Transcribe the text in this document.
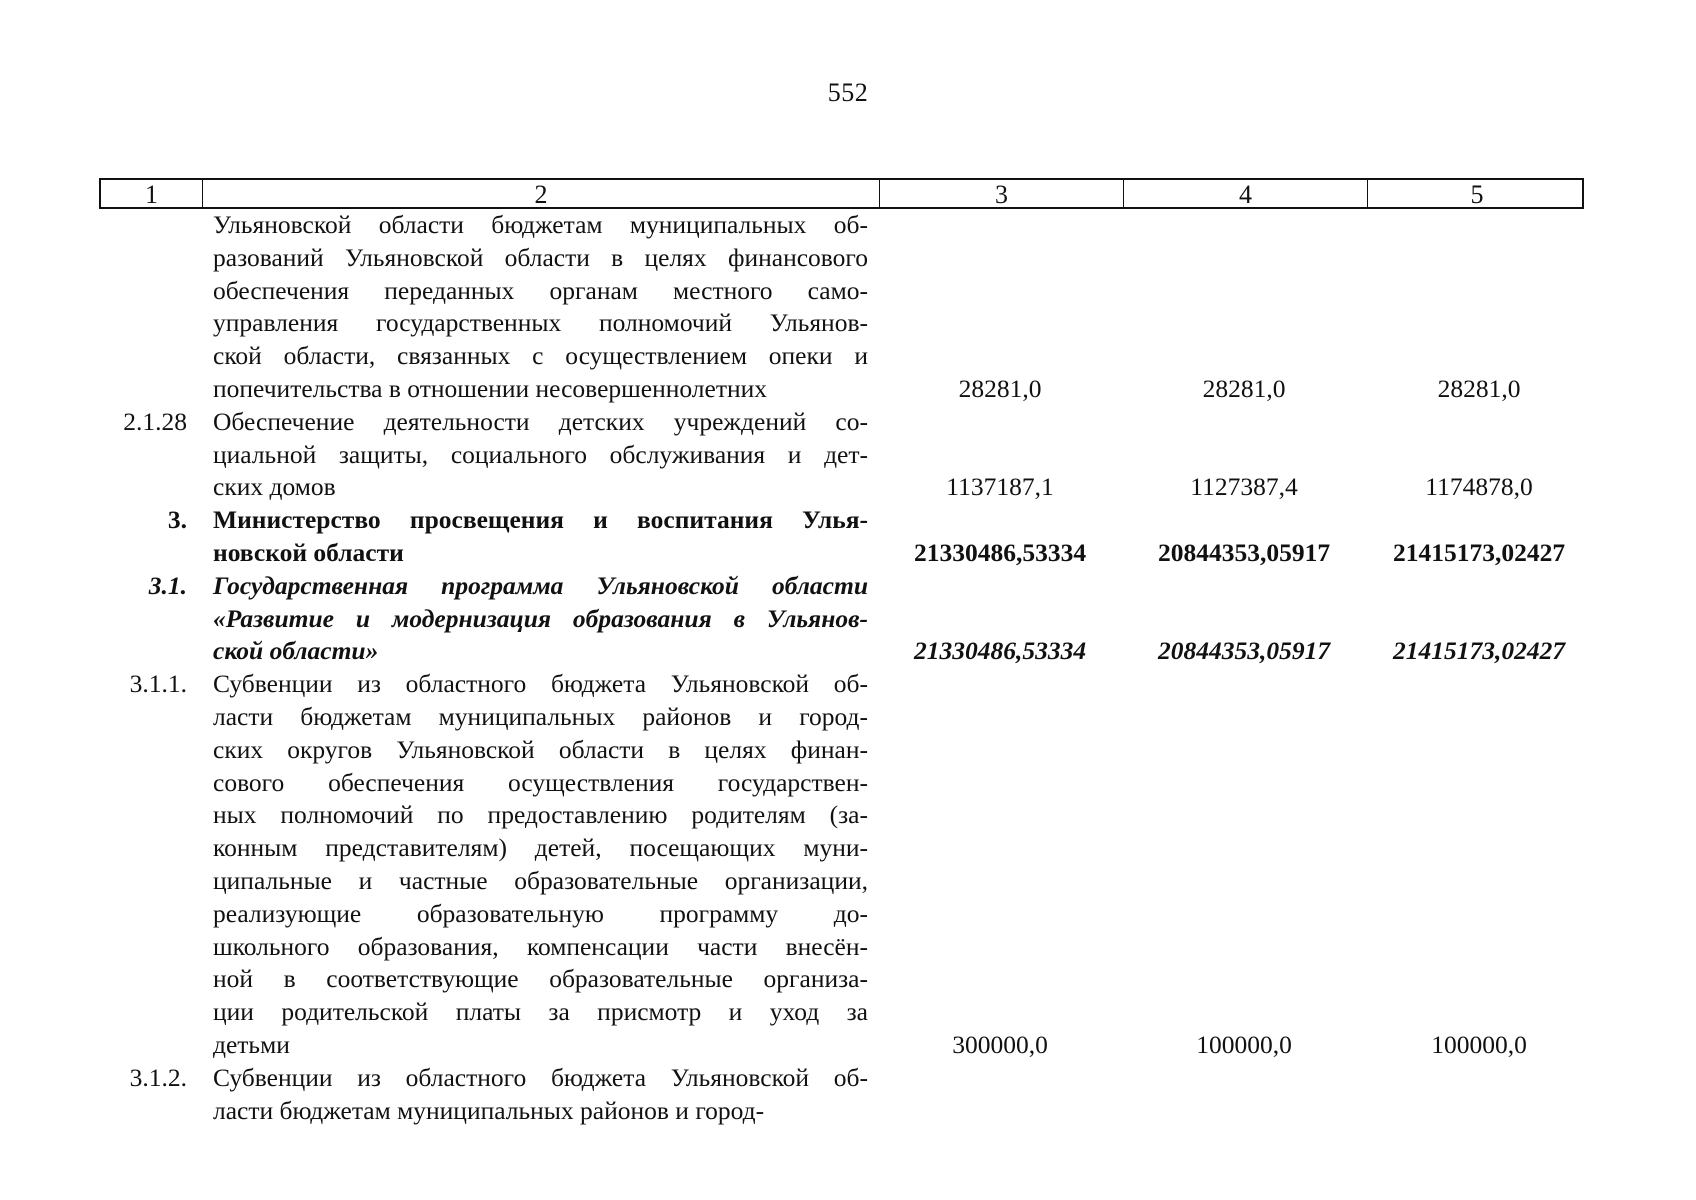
552
1	2	3	4	5
Ульяновской области бюджетам муниципальных об-
разований Ульяновской области в целях финансового
обеспечения переданных органам местного само-
управления государственных полномочий Ульянов-
ской области, связанных с осуществлением опеки и
попечительства в отношении несовершеннолетних	28281,0	28281,0	28281,0
2.1.28	Обеспечение деятельности детских учреждений со-
циальной защиты, социального обслуживания и дет-
ских домов	1137187,1	1127387,4	1174878,0
3.	Министерство просвещения и воспитания Улья-
новской области	21330486,53334	20844353,05917	21415173,02427
3.1.	Государственная программа Ульяновской области
«Развитие и модернизация образования в Ульянов-
ской области»	21330486,53334	20844353,05917	21415173,02427
3.1.1.	Субвенции из областного бюджета Ульяновской об-
ласти бюджетам муниципальных районов и город-
ских округов Ульяновской области в целях финан-
сового обеспечения осуществления государствен-
ных полномочий по предоставлению родителям (за-
конным представителям) детей, посещающих муни-
ципальные и частные образовательные организации,
реализующие образовательную программу до-
школьного образования, компенсации части внесён-
ной в соответствующие образовательные организа-
ции родительской платы за присмотр и уход за
детьми	300000,0	100000,0	100000,0
3.1.2.	Субвенции из областного бюджета Ульяновской об-
ласти бюджетам муниципальных районов и город-
